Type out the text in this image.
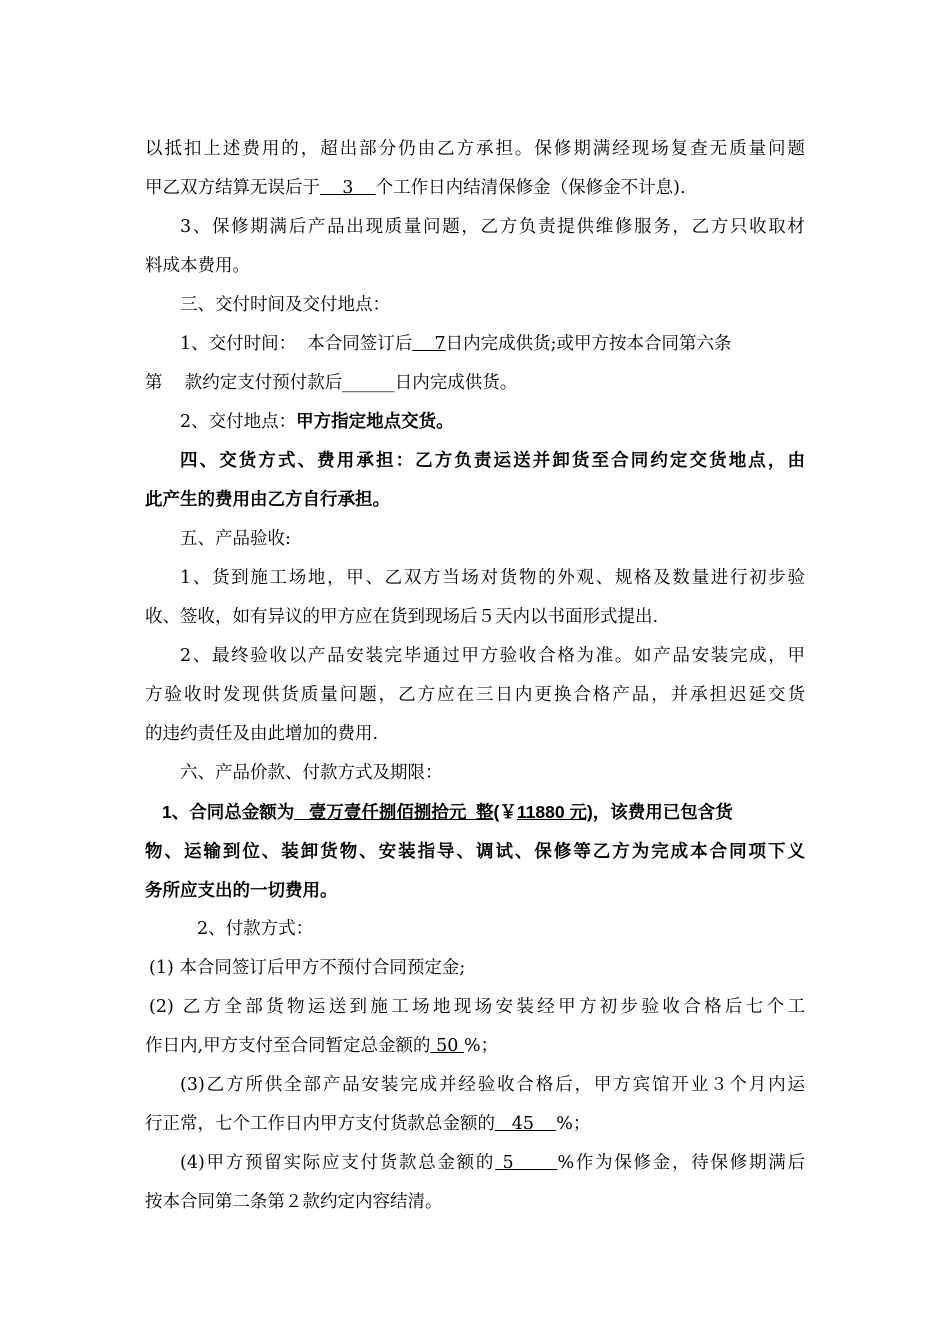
以抵扣上述费用的，超出部分仍由乙方承担。保修期满经现场复查无质量问题
甲乙双方结算无误后于    3    个工作日内结清保修金（保修金不计息).
3、保修期满后产品出现质量问题，乙方负责提供维修服务，乙方只收取材
料成本费用。
三、交付时间及交付地点：
1、交付时间：  本合同签订后    7日内完成供货;或甲方按本合同第六条
第    款约定支付预付款后______日内完成供货。
2、交付地点：甲方指定地点交货。
四、交货方式、费用承担：乙方负责运送并卸货至合同约定交货地点，由
此产生的费用由乙方自行承担。
五、产品验收:
1、货到施工场地，甲、乙双方当场对货物的外观、规格及数量进行初步验
收、签收，如有异议的甲方应在货到现场后５天内以书面形式提出.
2、最终验收以产品安装完毕通过甲方验收合格为准。如产品安装完成，甲
方验收时发现供货质量问题，乙方应在三日内更换合格产品，并承担迟延交货
的违约责任及由此增加的费用.
六、产品价款、付款方式及期限：
1、合同总金额为   壹万壹仟捌佰捌拾元  整(￥11880 元)，该费用已包含货
物、运输到位、装卸货物、安装指导、调试、保修等乙方为完成本合同项下义
务所应支出的一切费用。
2、付款方式：
(1) 本合同签订后甲方不预付合同预定金;
(2) 乙方全部货物运送到施工场地现场安装经甲方初步验收合格后七个工
作日内,甲方支付至合同暂定总金额的 50 %；
(3)乙方所供全部产品安装完成并经验收合格后，甲方宾馆开业３个月内运
行正常，七个工作日内甲方支付货款总金额的   45    %；
(4)甲方预留实际应支付货款总金额的 5      %作为保修金，待保修期满后
按本合同第二条第２款约定内容结清。
